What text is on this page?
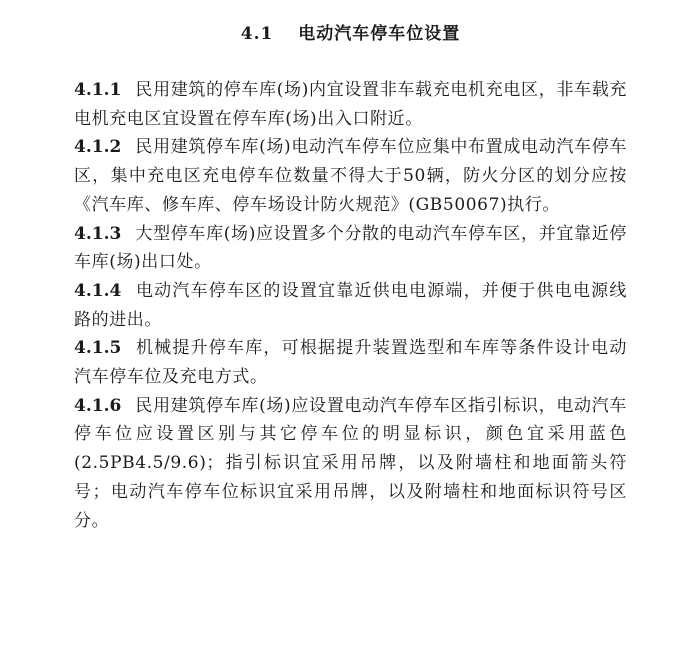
4.1 电动汽车停车位设置

4.1.1 民用建筑的停车库(场)内宜设置非车载充电机充电区，非车载充电机充电区宜设置在停车库(场)出入口附近。

4.1.2 民用建筑停车库(场)电动汽车停车位应集中布置成电动汽车停车区，集中充电区充电停车位数量不得大于50辆，防火分区的划分应按《汽车库、修车库、停车场设计防火规范》(GB50067)执行。

4.1.3 大型停车库(场)应设置多个分散的电动汽车停车区，并宜靠近停车库(场)出口处。

4.1.4 电动汽车停车区的设置宜靠近供电电源端，并便于供电电源线路的进出。

4.1.5 机械提升停车库，可根据提升装置选型和车库等条件设计电动汽车停车位及充电方式。

4.1.6 民用建筑停车库(场)应设置电动汽车停车区指引标识，电动汽车停车位应设置区别与其它停车位的明显标识，颜色宜采用蓝色(2.5PB4.5/9.6)；指引标识宜采用吊牌，以及附墙柱和地面箭头符号；电动汽车停车位标识宜采用吊牌，以及附墙柱和地面标识符号区分。
